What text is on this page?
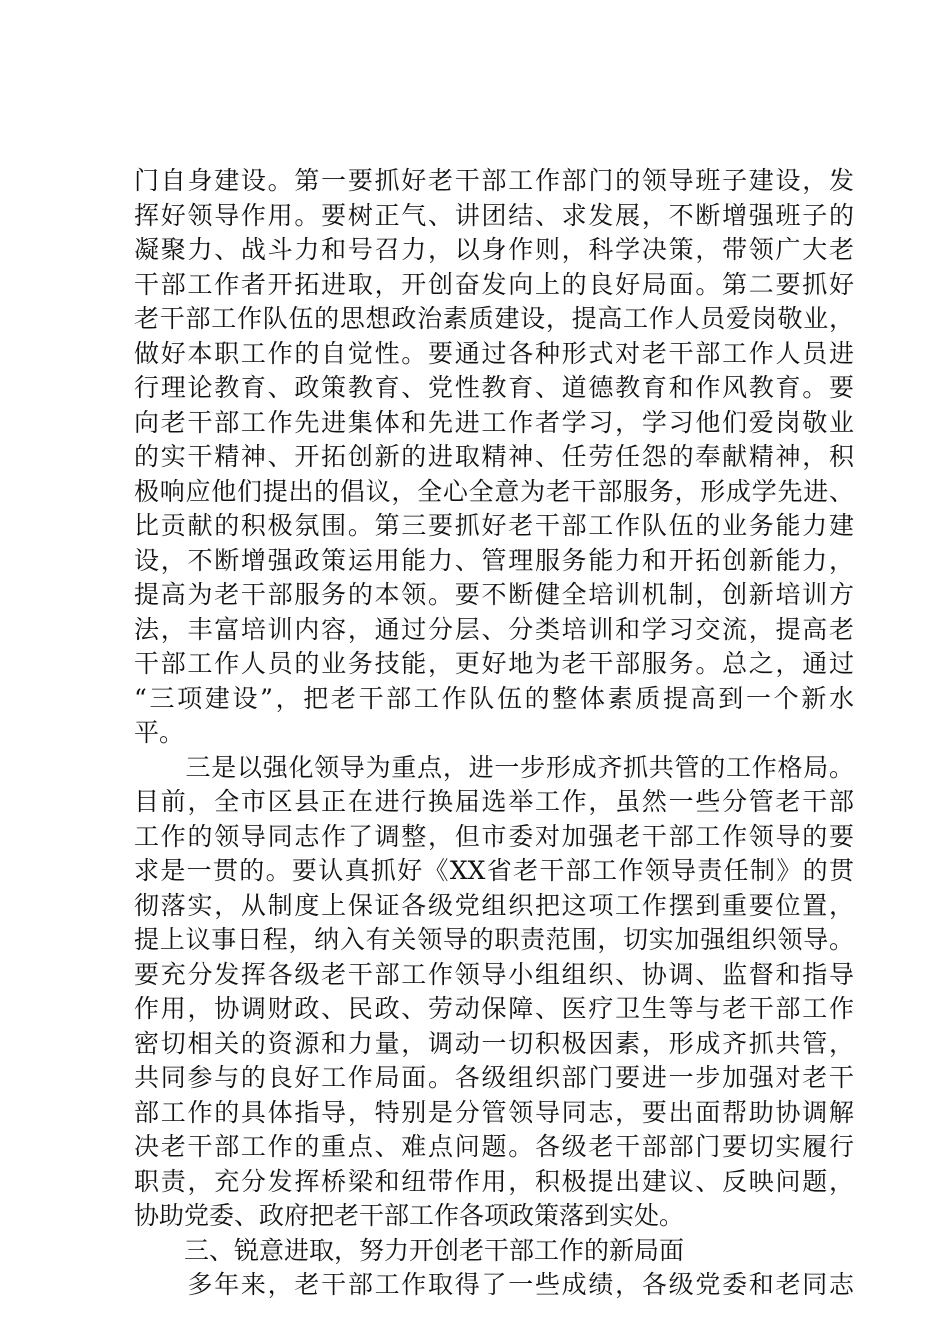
门自身建设。第一要抓好老干部工作部门的领导班子建设，发
挥好领导作用。要树正气、讲团结、求发展，不断增强班子的
凝聚力、战斗力和号召力，以身作则，科学决策，带领广大老
干部工作者开拓进取，开创奋发向上的良好局面。第二要抓好
老干部工作队伍的思想政治素质建设，提高工作人员爱岗敬业，
做好本职工作的自觉性。要通过各种形式对老干部工作人员进
行理论教育、政策教育、党性教育、道德教育和作风教育。要
向老干部工作先进集体和先进工作者学习，学习他们爱岗敬业
的实干精神、开拓创新的进取精神、任劳任怨的奉献精神，积
极响应他们提出的倡议，全心全意为老干部服务，形成学先进、
比贡献的积极氛围。第三要抓好老干部工作队伍的业务能力建
设，不断增强政策运用能力、管理服务能力和开拓创新能力，
提高为老干部服务的本领。要不断健全培训机制，创新培训方
法，丰富培训内容，通过分层、分类培训和学习交流，提高老
干部工作人员的业务技能，更好地为老干部服务。总之，通过
“三项建设”，把老干部工作队伍的整体素质提高到一个新水
平。
　　三是以强化领导为重点，进一步形成齐抓共管的工作格局。
目前，全市区县正在进行换届选举工作，虽然一些分管老干部
工作的领导同志作了调整，但市委对加强老干部工作领导的要
求是一贯的。要认真抓好《XX省老干部工作领导责任制》的贯
彻落实，从制度上保证各级党组织把这项工作摆到重要位置，
提上议事日程，纳入有关领导的职责范围，切实加强组织领导。
要充分发挥各级老干部工作领导小组组织、协调、监督和指导
作用，协调财政、民政、劳动保障、医疗卫生等与老干部工作
密切相关的资源和力量，调动一切积极因素，形成齐抓共管，
共同参与的良好工作局面。各级组织部门要进一步加强对老干
部工作的具体指导，特别是分管领导同志，要出面帮助协调解
决老干部工作的重点、难点问题。各级老干部部门要切实履行
职责，充分发挥桥梁和纽带作用，积极提出建议、反映问题，
协助党委、政府把老干部工作各项政策落到实处。
　　三、锐意进取，努力开创老干部工作的新局面
　　多年来，老干部工作取得了一些成绩，各级党委和老同志
